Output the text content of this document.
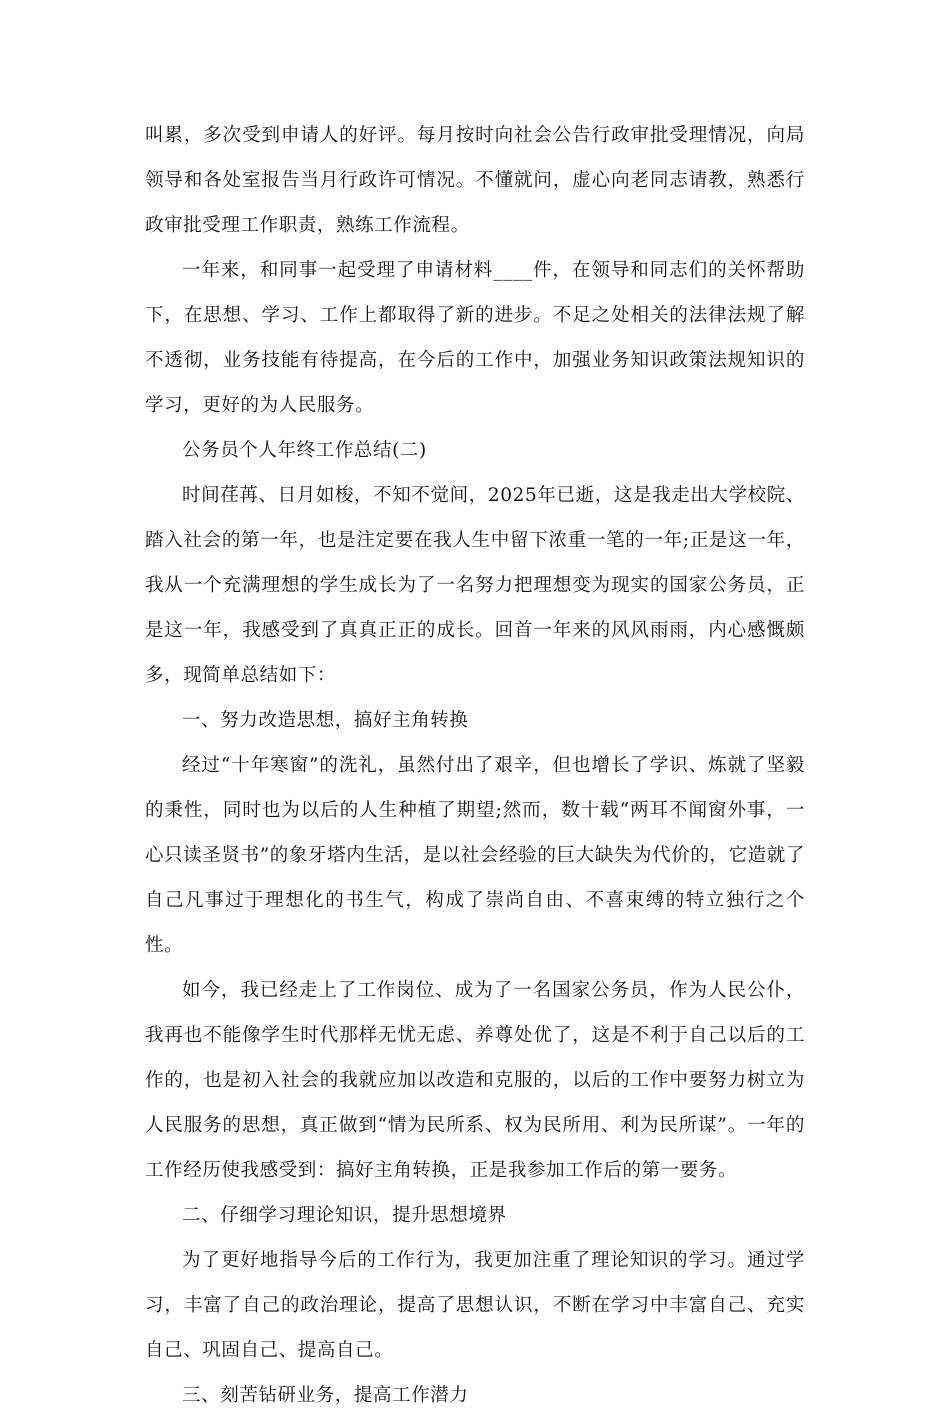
叫累，多次受到申请人的好评。每月按时向社会公告行政审批受理情况，向局领导和各处室报告当月行政许可情况。不懂就问，虚心向老同志请教，熟悉行政审批受理工作职责，熟练工作流程。

一年来，和同事一起受理了申请材料____件，在领导和同志们的关怀帮助下，在思想、学习、工作上都取得了新的进步。不足之处相关的法律法规了解不透彻，业务技能有待提高，在今后的工作中，加强业务知识政策法规知识的学习，更好的为人民服务。

公务员个人年终工作总结(二)

时间荏苒、日月如梭，不知不觉间，2025年已逝，这是我走出大学校院、踏入社会的第一年，也是注定要在我人生中留下浓重一笔的一年;正是这一年，我从一个充满理想的学生成长为了一名努力把理想变为现实的国家公务员，正是这一年，我感受到了真真正正的成长。回首一年来的风风雨雨，内心感慨颇多，现简单总结如下：

一、努力改造思想，搞好主角转换

经过“十年寒窗”的洗礼，虽然付出了艰辛，但也增长了学识、炼就了坚毅的秉性，同时也为以后的人生种植了期望;然而，数十载“两耳不闻窗外事，一心只读圣贤书”的象牙塔内生活，是以社会经验的巨大缺失为代价的，它造就了自己凡事过于理想化的书生气，构成了崇尚自由、不喜束缚的特立独行之个性。

如今，我已经走上了工作岗位、成为了一名国家公务员，作为人民公仆，我再也不能像学生时代那样无忧无虑、养尊处优了，这是不利于自己以后的工作的，也是初入社会的我就应加以改造和克服的，以后的工作中要努力树立为人民服务的思想，真正做到“情为民所系、权为民所用、利为民所谋”。一年的工作经历使我感受到：搞好主角转换，正是我参加工作后的第一要务。

二、仔细学习理论知识，提升思想境界

为了更好地指导今后的工作行为，我更加注重了理论知识的学习。通过学习，丰富了自己的政治理论，提高了思想认识，不断在学习中丰富自己、充实自己、巩固自己、提高自己。

三、刻苦钻研业务，提高工作潜力
